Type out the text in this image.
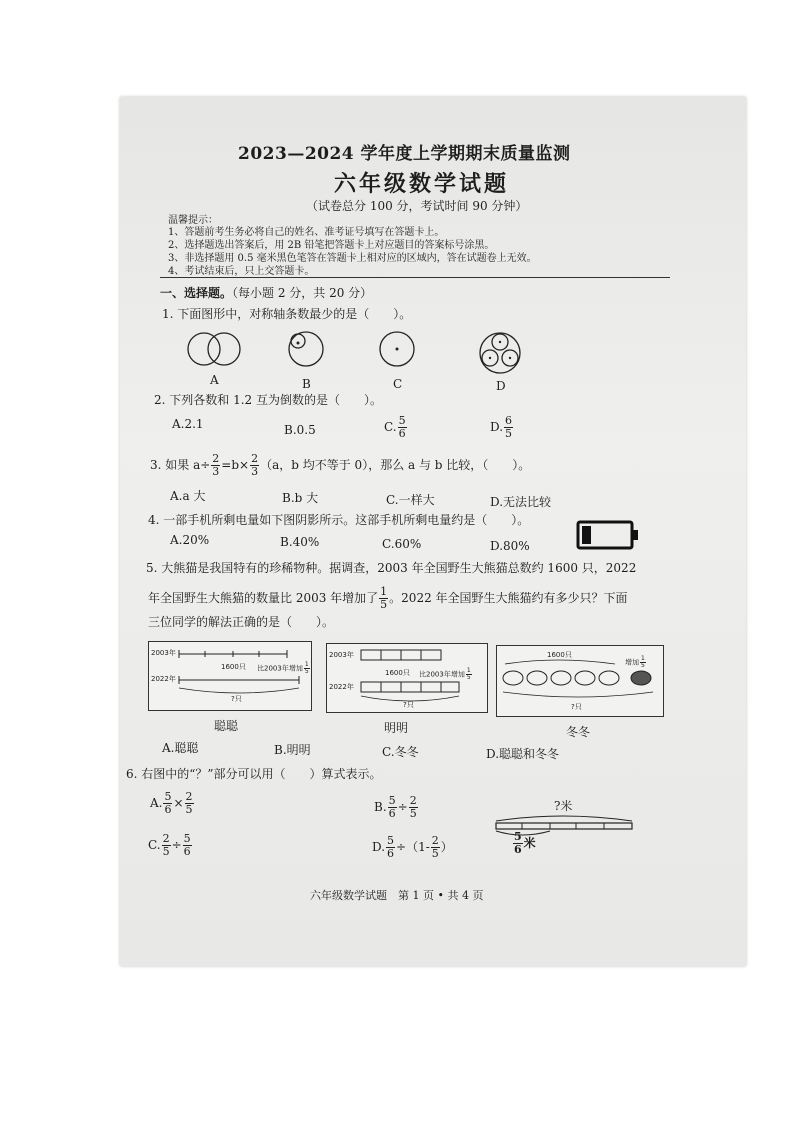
2023—2024 学年度上学期期末质量监测
六年级数学试题
（试卷总分 100 分，考试时间 90 分钟）
温馨提示：
1、答题前考生务必将自己的姓名、准考证号填写在答题卡上。
2、选择题选出答案后，用 2B 铅笔把答题卡上对应题目的答案标号涂黑。
3、非选择题用 0.5 毫米黑色笔答在答题卡上相对应的区域内，答在试题卷上无效。
4、考试结束后，只上交答题卡。
一、选择题。（每小题 2 分，共 20 分）
1. 下面图形中，对称轴条数最少的是（　　）。
A	B	C	D
2. 下列各数和 1.2 互为倒数的是（　　）。
A.2.1	B.0.5	C. $\frac{5}{6}$	D. $\frac{6}{5}$
3. 如果 $a\div \frac{2}{3} =b\times \frac{2}{3} (a$，b 均不等于 0），那么 a 与 b 比较，（　　）。
A.a 大	B.b 大	C.一样大	D.无法比较
4. 一部手机所剩电量如下图阴影所示。这部手机所剩电量约是（　　）。
A.20%	B.40%	C.60%	D.80%
5. 大熊猫是我国特有的珍稀物种。据调查，2003 年全国野生大熊猫总数约 1600 只，2022
年全国野生大熊猫的数量比 2003 年增加了 $\frac{1}{5}$ 。2022 年全国野生大熊猫约有多少只？下面
三位同学的解法正确的是（　　）。
2003年
2022年
1600只 比2003年增加 $\frac{1}{5}$
?只
聪聪
2003年
2022年
1600只 比2003年增加 $\frac{1}{5}$
?只
明明
1600只
增加 $\frac{1}{5}$
?只
冬冬
A.聪聪	B.明明	C.冬冬	D.聪聪和冬冬
6. 右图中的“？”部分可以用（　　）算式表示。
A. $\frac{5}{6} \times \frac{2}{5}$	B. $\frac{5}{6} \div \frac{2}{5}$
C. $\frac{2}{5} \div \frac{5}{6}$	D. $\frac{5}{6} \div(1- \frac{2}{5}$ ）
?米
$\frac{5}{6}$ 米
六年级数学试题　第 1 页 • 共 4 页
